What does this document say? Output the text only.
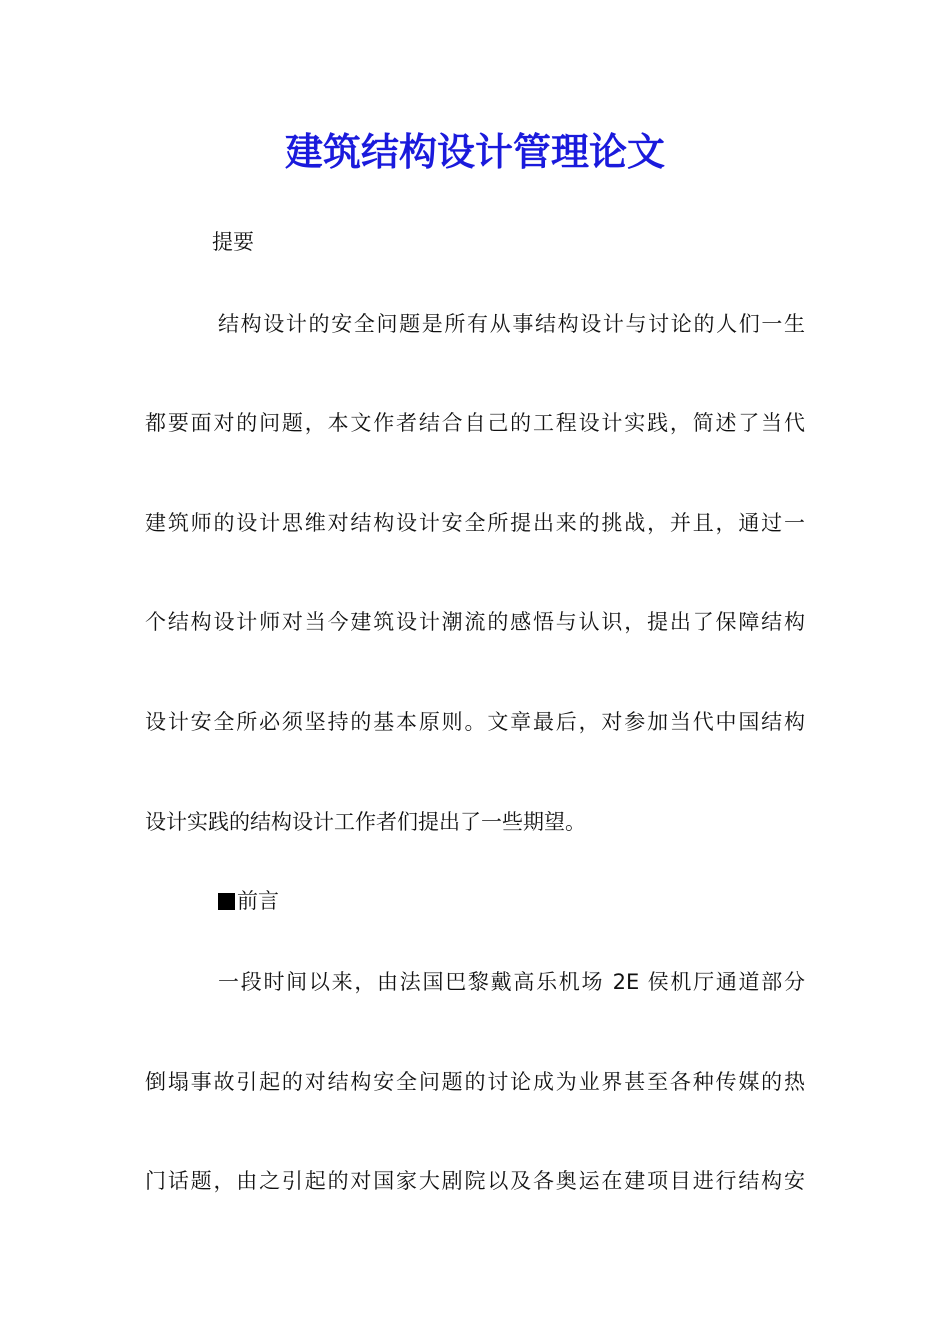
建筑结构设计管理论文
提要
结构设计的安全问题是所有从事结构设计与讨论的人们一生
都要面对的问题，本文作者结合自己的工程设计实践，简述了当代
建筑师的设计思维对结构设计安全所提出来的挑战，并且，通过一
个结构设计师对当今建筑设计潮流的感悟与认识，提出了保障结构
设计安全所必须坚持的基本原则。文章最后，对参加当代中国结构
设计实践的结构设计工作者们提出了一些期望。
前言
一段时间以来，由法国巴黎戴高乐机场 2E 侯机厅通道部分
倒塌事故引起的对结构安全问题的讨论成为业界甚至各种传媒的热
门话题，由之引起的对国家大剧院以及各奥运在建项目进行结构安
